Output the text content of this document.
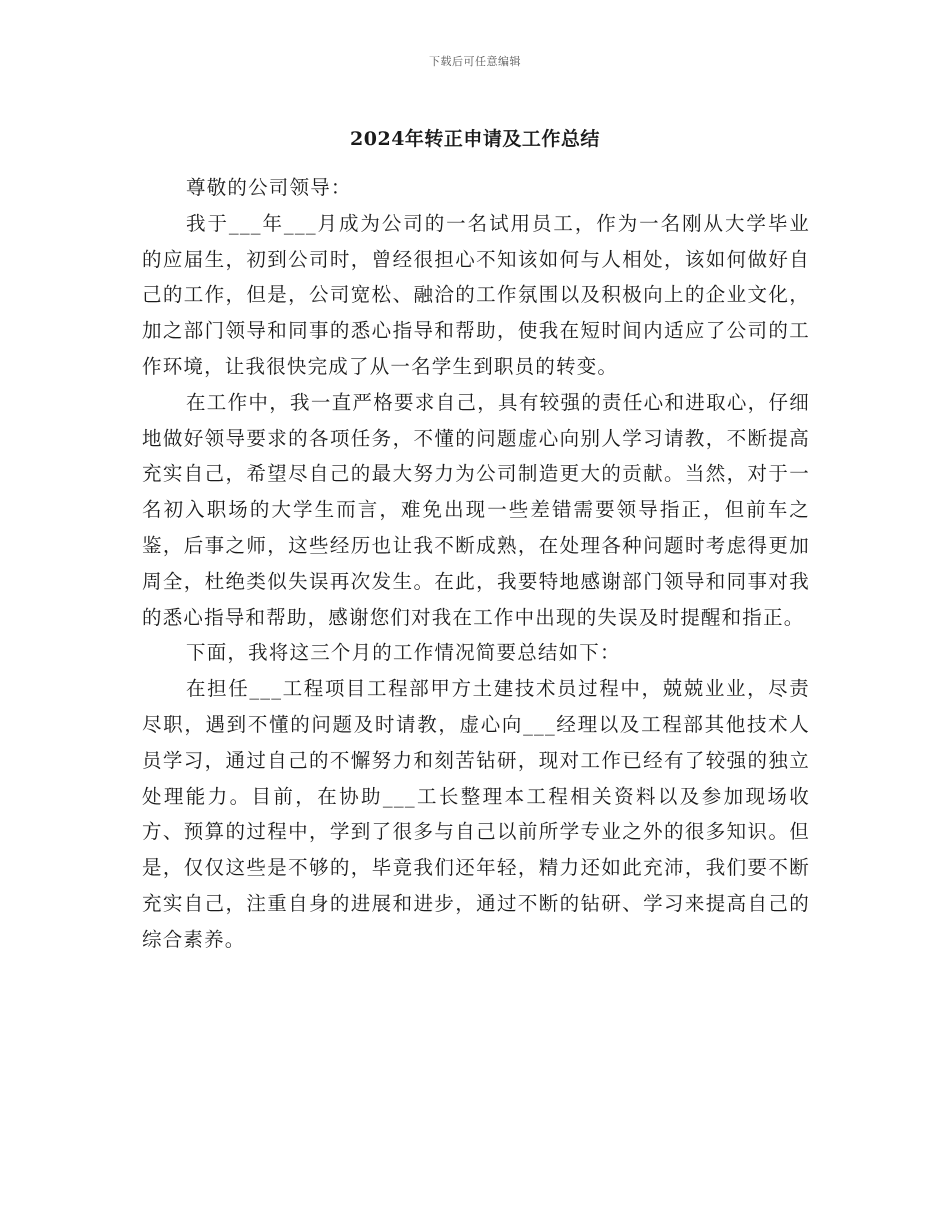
下载后可任意编辑
2024年转正申请及工作总结

尊敬的公司领导：

我于___年___月成为公司的一名试用员工，作为一名刚从大学毕业的应届生，初到公司时，曾经很担心不知该如何与人相处，该如何做好自己的工作，但是，公司宽松、融洽的工作氛围以及积极向上的企业文化，加之部门领导和同事的悉心指导和帮助，使我在短时间内适应了公司的工作环境，让我很快完成了从一名学生到职员的转变。

在工作中，我一直严格要求自己，具有较强的责任心和进取心，仔细地做好领导要求的各项任务，不懂的问题虚心向别人学习请教，不断提高充实自己，希望尽自己的最大努力为公司制造更大的贡献。当然，对于一名初入职场的大学生而言，难免出现一些差错需要领导指正，但前车之鉴，后事之师，这些经历也让我不断成熟，在处理各种问题时考虑得更加周全，杜绝类似失误再次发生。在此，我要特地感谢部门领导和同事对我的悉心指导和帮助，感谢您们对我在工作中出现的失误及时提醒和指正。

下面，我将这三个月的工作情况简要总结如下：

在担任___工程项目工程部甲方土建技术员过程中，兢兢业业，尽责尽职，遇到不懂的问题及时请教，虚心向___经理以及工程部其他技术人员学习，通过自己的不懈努力和刻苦钻研，现对工作已经有了较强的独立处理能力。目前，在协助___工长整理本工程相关资料以及参加现场收方、预算的过程中，学到了很多与自己以前所学专业之外的很多知识。但是，仅仅这些是不够的，毕竟我们还年轻，精力还如此充沛，我们要不断充实自己，注重自身的进展和进步，通过不断的钻研、学习来提高自己的综合素养。
